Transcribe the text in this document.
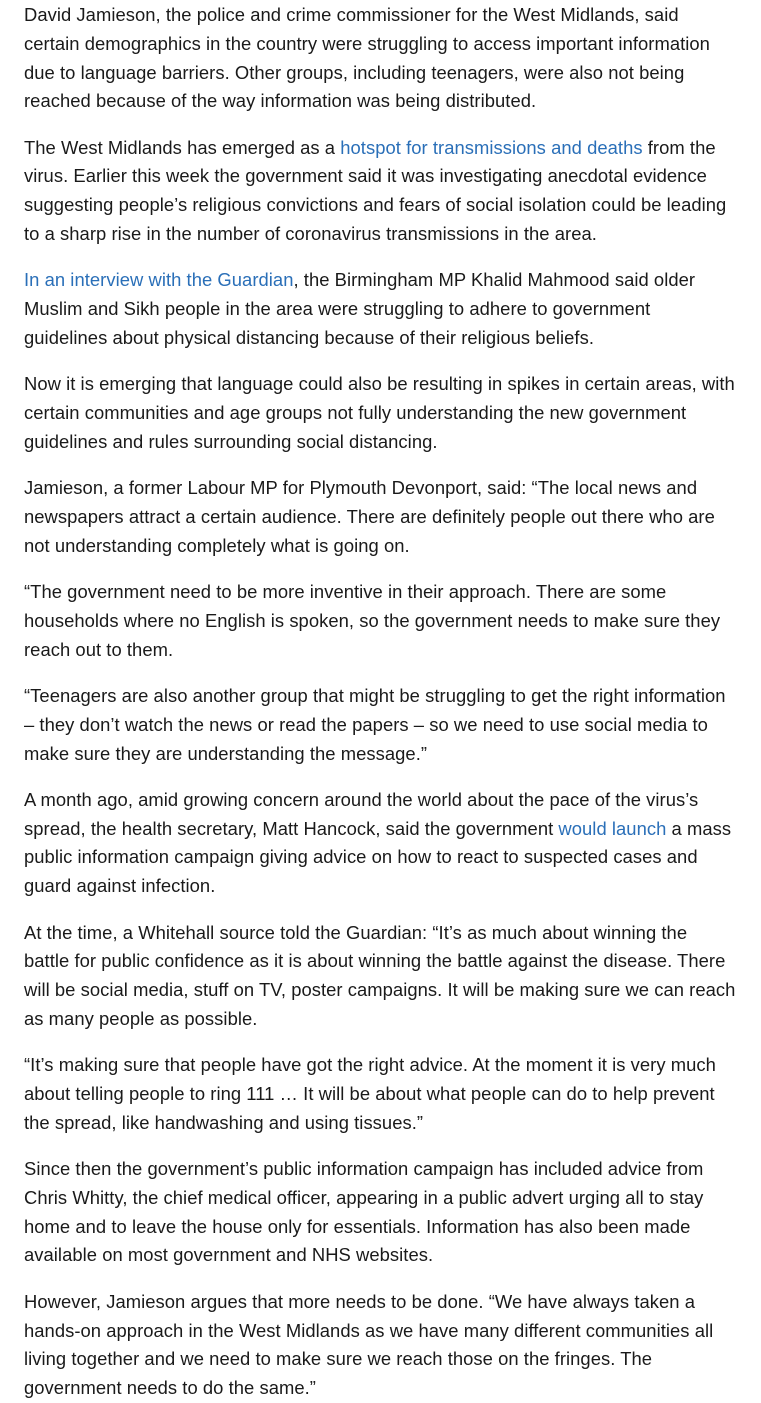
David Jamieson, the police and crime commissioner for the West Midlands, said certain demographics in the country were struggling to access important information due to language barriers. Other groups, including teenagers, were also not being reached because of the way information was being distributed.

The West Midlands has emerged as a hotspot for transmissions and deaths from the virus. Earlier this week the government said it was investigating anecdotal evidence suggesting people’s religious convictions and fears of social isolation could be leading to a sharp rise in the number of coronavirus transmissions in the area.

In an interview with the Guardian, the Birmingham MP Khalid Mahmood said older Muslim and Sikh people in the area were struggling to adhere to government guidelines about physical distancing because of their religious beliefs.

Now it is emerging that language could also be resulting in spikes in certain areas, with certain communities and age groups not fully understanding the new government guidelines and rules surrounding social distancing.

Jamieson, a former Labour MP for Plymouth Devonport, said: “The local news and newspapers attract a certain audience. There are definitely people out there who are not understanding completely what is going on.

“The government need to be more inventive in their approach. There are some households where no English is spoken, so the government needs to make sure they reach out to them.

“Teenagers are also another group that might be struggling to get the right information – they don’t watch the news or read the papers – so we need to use social media to make sure they are understanding the message.”

A month ago, amid growing concern around the world about the pace of the virus’s spread, the health secretary, Matt Hancock, said the government would launch a mass public information campaign giving advice on how to react to suspected cases and guard against infection.

At the time, a Whitehall source told the Guardian: “It’s as much about winning the battle for public confidence as it is about winning the battle against the disease. There will be social media, stuff on TV, poster campaigns. It will be making sure we can reach as many people as possible.

“It’s making sure that people have got the right advice. At the moment it is very much about telling people to ring 111 … It will be about what people can do to help prevent the spread, like handwashing and using tissues.”

Since then the government’s public information campaign has included advice from Chris Whitty, the chief medical officer, appearing in a public advert urging all to stay home and to leave the house only for essentials. Information has also been made available on most government and NHS websites.

However, Jamieson argues that more needs to be done. “We have always taken a hands-on approach in the West Midlands as we have many different communities all living together and we need to make sure we reach those on the fringes. The government needs to do the same.”
